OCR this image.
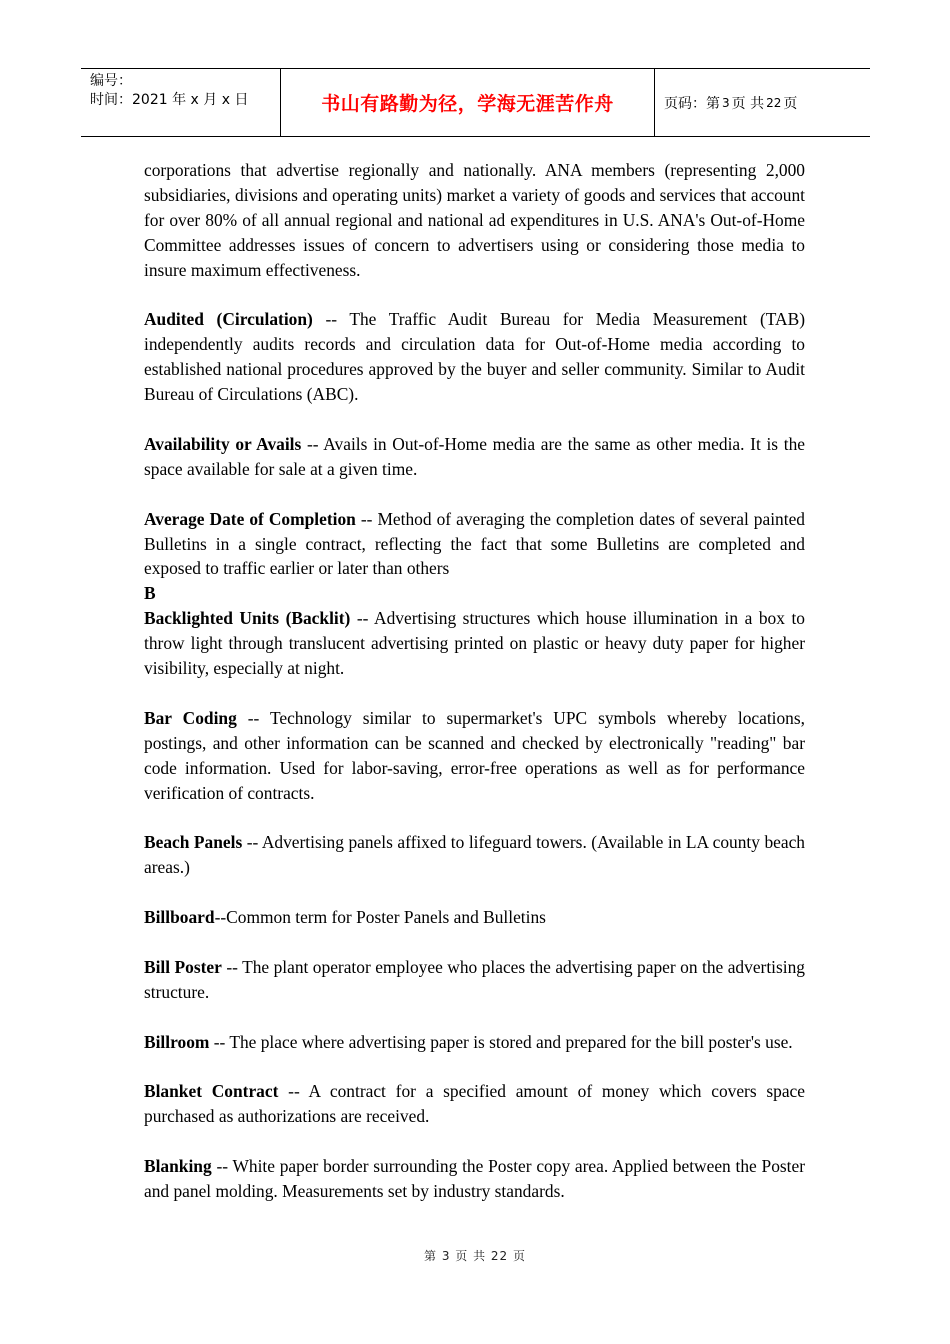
编号：
时间：2021 年 x 月 x 日	书山有路勤为径，学海无涯苦作舟	页码：第 3 页 共 22 页

corporations that advertise regionally and nationally. ANA members (representing 2,000 subsidiaries, divisions and operating units) market a variety of goods and services that account for over 80% of all annual regional and national ad expenditures in U.S. ANA's Out-of-Home Committee addresses issues of concern to advertisers using or considering those media to insure maximum effectiveness.

Audited (Circulation) -- The Traffic Audit Bureau for Media Measurement (TAB) independently audits records and circulation data for Out-of-Home media according to established national procedures approved by the buyer and seller community. Similar to Audit Bureau of Circulations (ABC).

Availability or Avails -- Avails in Out-of-Home media are the same as other media. It is the space available for sale at a given time.

Average Date of Completion -- Method of averaging the completion dates of several painted Bulletins in a single contract, reflecting the fact that some Bulletins are completed and exposed to traffic earlier or later than others

B

Backlighted Units (Backlit) -- Advertising structures which house illumination in a box to throw light through translucent advertising printed on plastic or heavy duty paper for higher visibility, especially at night.

Bar Coding -- Technology similar to supermarket's UPC symbols whereby locations, postings, and other information can be scanned and checked by electronically "reading" bar code information. Used for labor-saving, error-free operations as well as for performance verification of contracts.

Beach Panels -- Advertising panels affixed to lifeguard towers. (Available in LA county beach areas.)

Billboard--Common term for Poster Panels and Bulletins

Bill Poster -- The plant operator employee who places the advertising paper on the advertising structure.

Billroom -- The place where advertising paper is stored and prepared for the bill poster's use.

Blanket Contract -- A contract for a specified amount of money which covers space purchased as authorizations are received.

Blanking -- White paper border surrounding the Poster copy area. Applied between the Poster and panel molding. Measurements set by industry standards.

第 3 页 共 22 页
